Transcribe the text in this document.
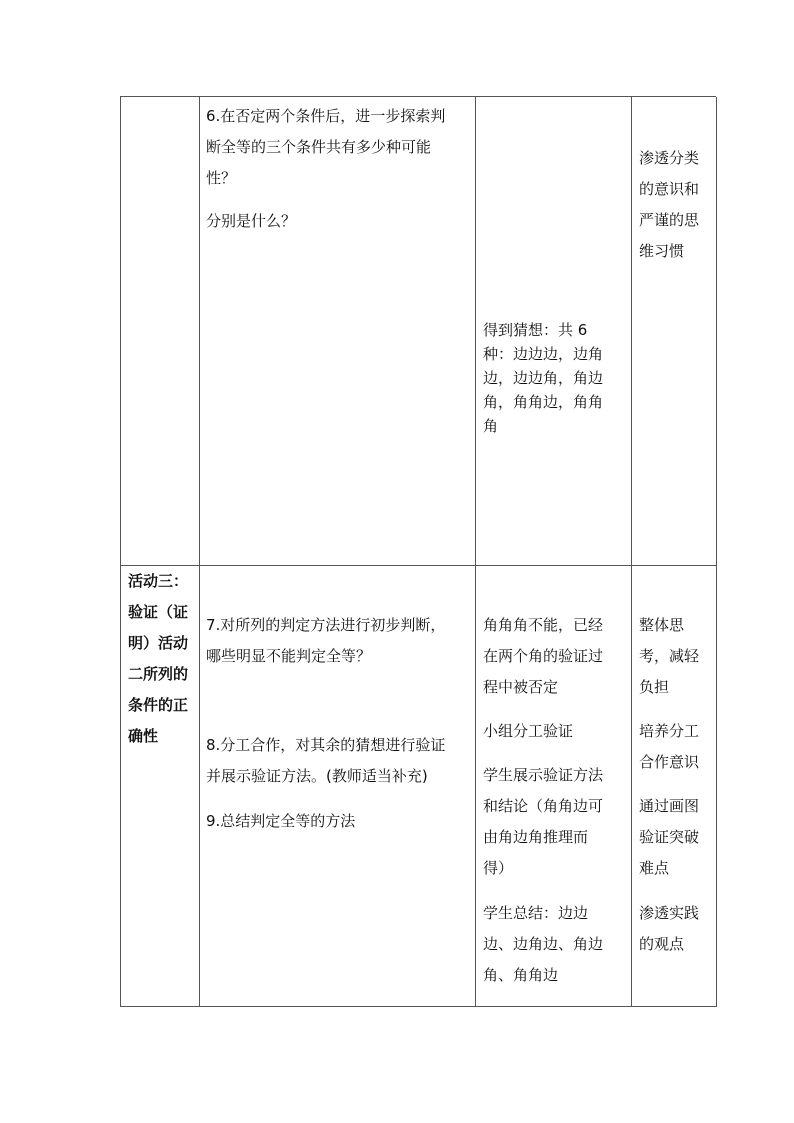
6.在否定两个条件后，进一步探索判

断全等的三个条件共有多少种可能

性？

分别是什么？

得到猜想：共 6

种：边边边，边角

边，边边角，角边

角，角角边，角角

角

渗透分类

的意识和

严谨的思

维习惯

活动三：

验证（证

明）活动

二所列的

条件的正

确性

7.对所列的判定方法进行初步判断，

哪些明显不能判定全等？

8.分工合作，对其余的猜想进行验证

并展示验证方法。(教师适当补充)

9.总结判定全等的方法

角角角不能，已经

在两个角的验证过

程中被否定

小组分工验证

学生展示验证方法

和结论（角角边可

由角边角推理而

得）

学生总结：边边

边、边角边、角边

角、角角边

整体思

考，减轻

负担

培养分工

合作意识

通过画图

验证突破

难点

渗透实践

的观点
